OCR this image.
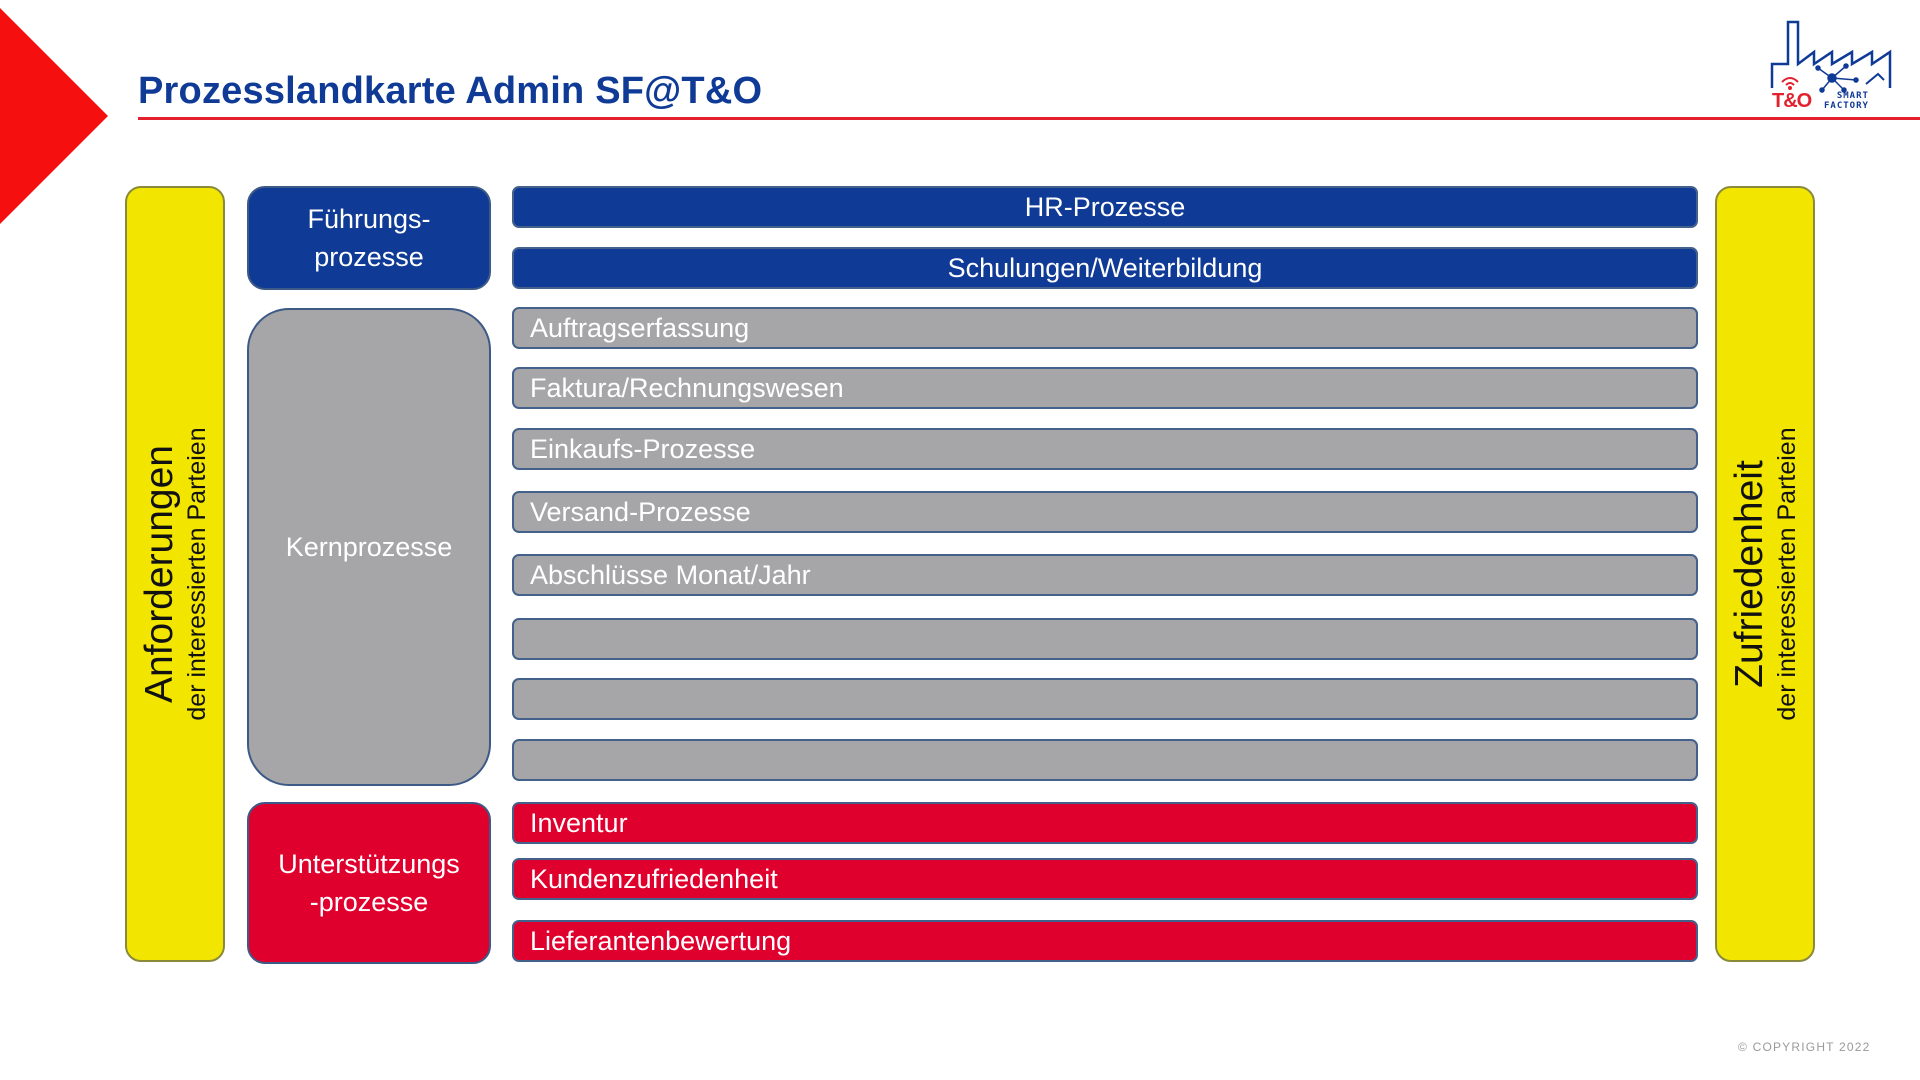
Prozesslandkarte Admin SF@T&O	T&O	SMART
FACTORY
Anforderungen der interessierten Parteien	Zufriedenheit der interessierten Parteien
Führungs-
prozesse
Kernprozesse
Unterstützungs
-prozesse
HR-Prozesse
Schulungen/Weiterbildung
Auftragserfassung
Faktura/Rechnungswesen
Einkaufs-Prozesse
Versand-Prozesse
Abschlüsse Monat/Jahr
Inventur
Kundenzufriedenheit
Lieferantenbewertung
© COPYRIGHT 2022
